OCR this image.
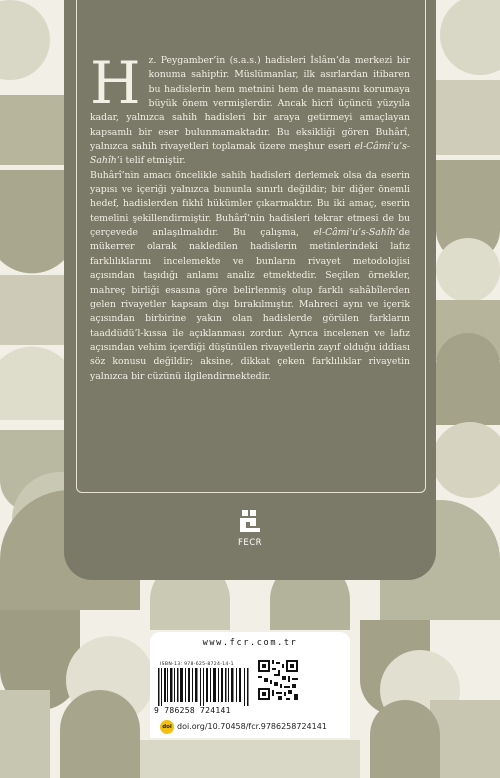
Hz. Peygamber’in (s.a.s.) hadisleri İslâm’da merkezi bir konuma sahiptir. Müslümanlar, ilk asırlardan itibaren bu hadislerin hem metnini hem de manasını korumaya büyük önem vermişlerdir. Ancak hicrî üçüncü yüzyıla kadar, yalnızca sahih hadisleri bir araya getirmeyi amaçlayan kapsamlı bir eser bulunmamaktadır. Bu eksikliği gören Buhârî, yalnızca sahih rivayetleri toplamak üzere meşhur eseri el-Câmiʿu’s-Sahîh’i telif etmiştir.

Buhârî’nin amacı öncelikle sahih hadisleri derlemek olsa da eserin yapısı ve içeriği yalnızca bununla sınırlı değildir; bir diğer önemli hedef, hadislerden fıkhî hükümler çıkarmaktır. Bu iki amaç, eserin temelini şekillendirmiştir. Buhârî’nin hadisleri tekrar etmesi de bu çerçevede anlaşılmalıdır. Bu çalışma, el-Câmiʿu’s-Sahîh’de mükerrer olarak nakledilen hadislerin metinlerindeki lafız farklılıklarını incelemekte ve bunların rivayet metodolojisi açısından taşıdığı anlamı analiz etmektedir. Seçilen örnekler, mahreç birliği esasına göre belirlenmiş olup farklı sahâbîlerden gelen rivayetler kapsam dışı bırakılmıştır. Mahreci aynı ve içerik açısından birbirine yakın olan hadislerde görülen farkların taaddüdü’l-kıssa ile açıklanması zordur. Ayrıca incelenen ve lafız açısından vehim içerdiği düşünülen rivayetlerin zayıf olduğu iddiası söz konusu değildir; aksine, dikkat çeken farklılıklar rivayetin yalnızca bir cüzünü ilgilendirmektedir.

FECR
www.fcr.com.tr
ISBN-13: 978-625-8724-14-1
9 786258 724141
doi doi.org/10.70458/fcr.9786258724141
